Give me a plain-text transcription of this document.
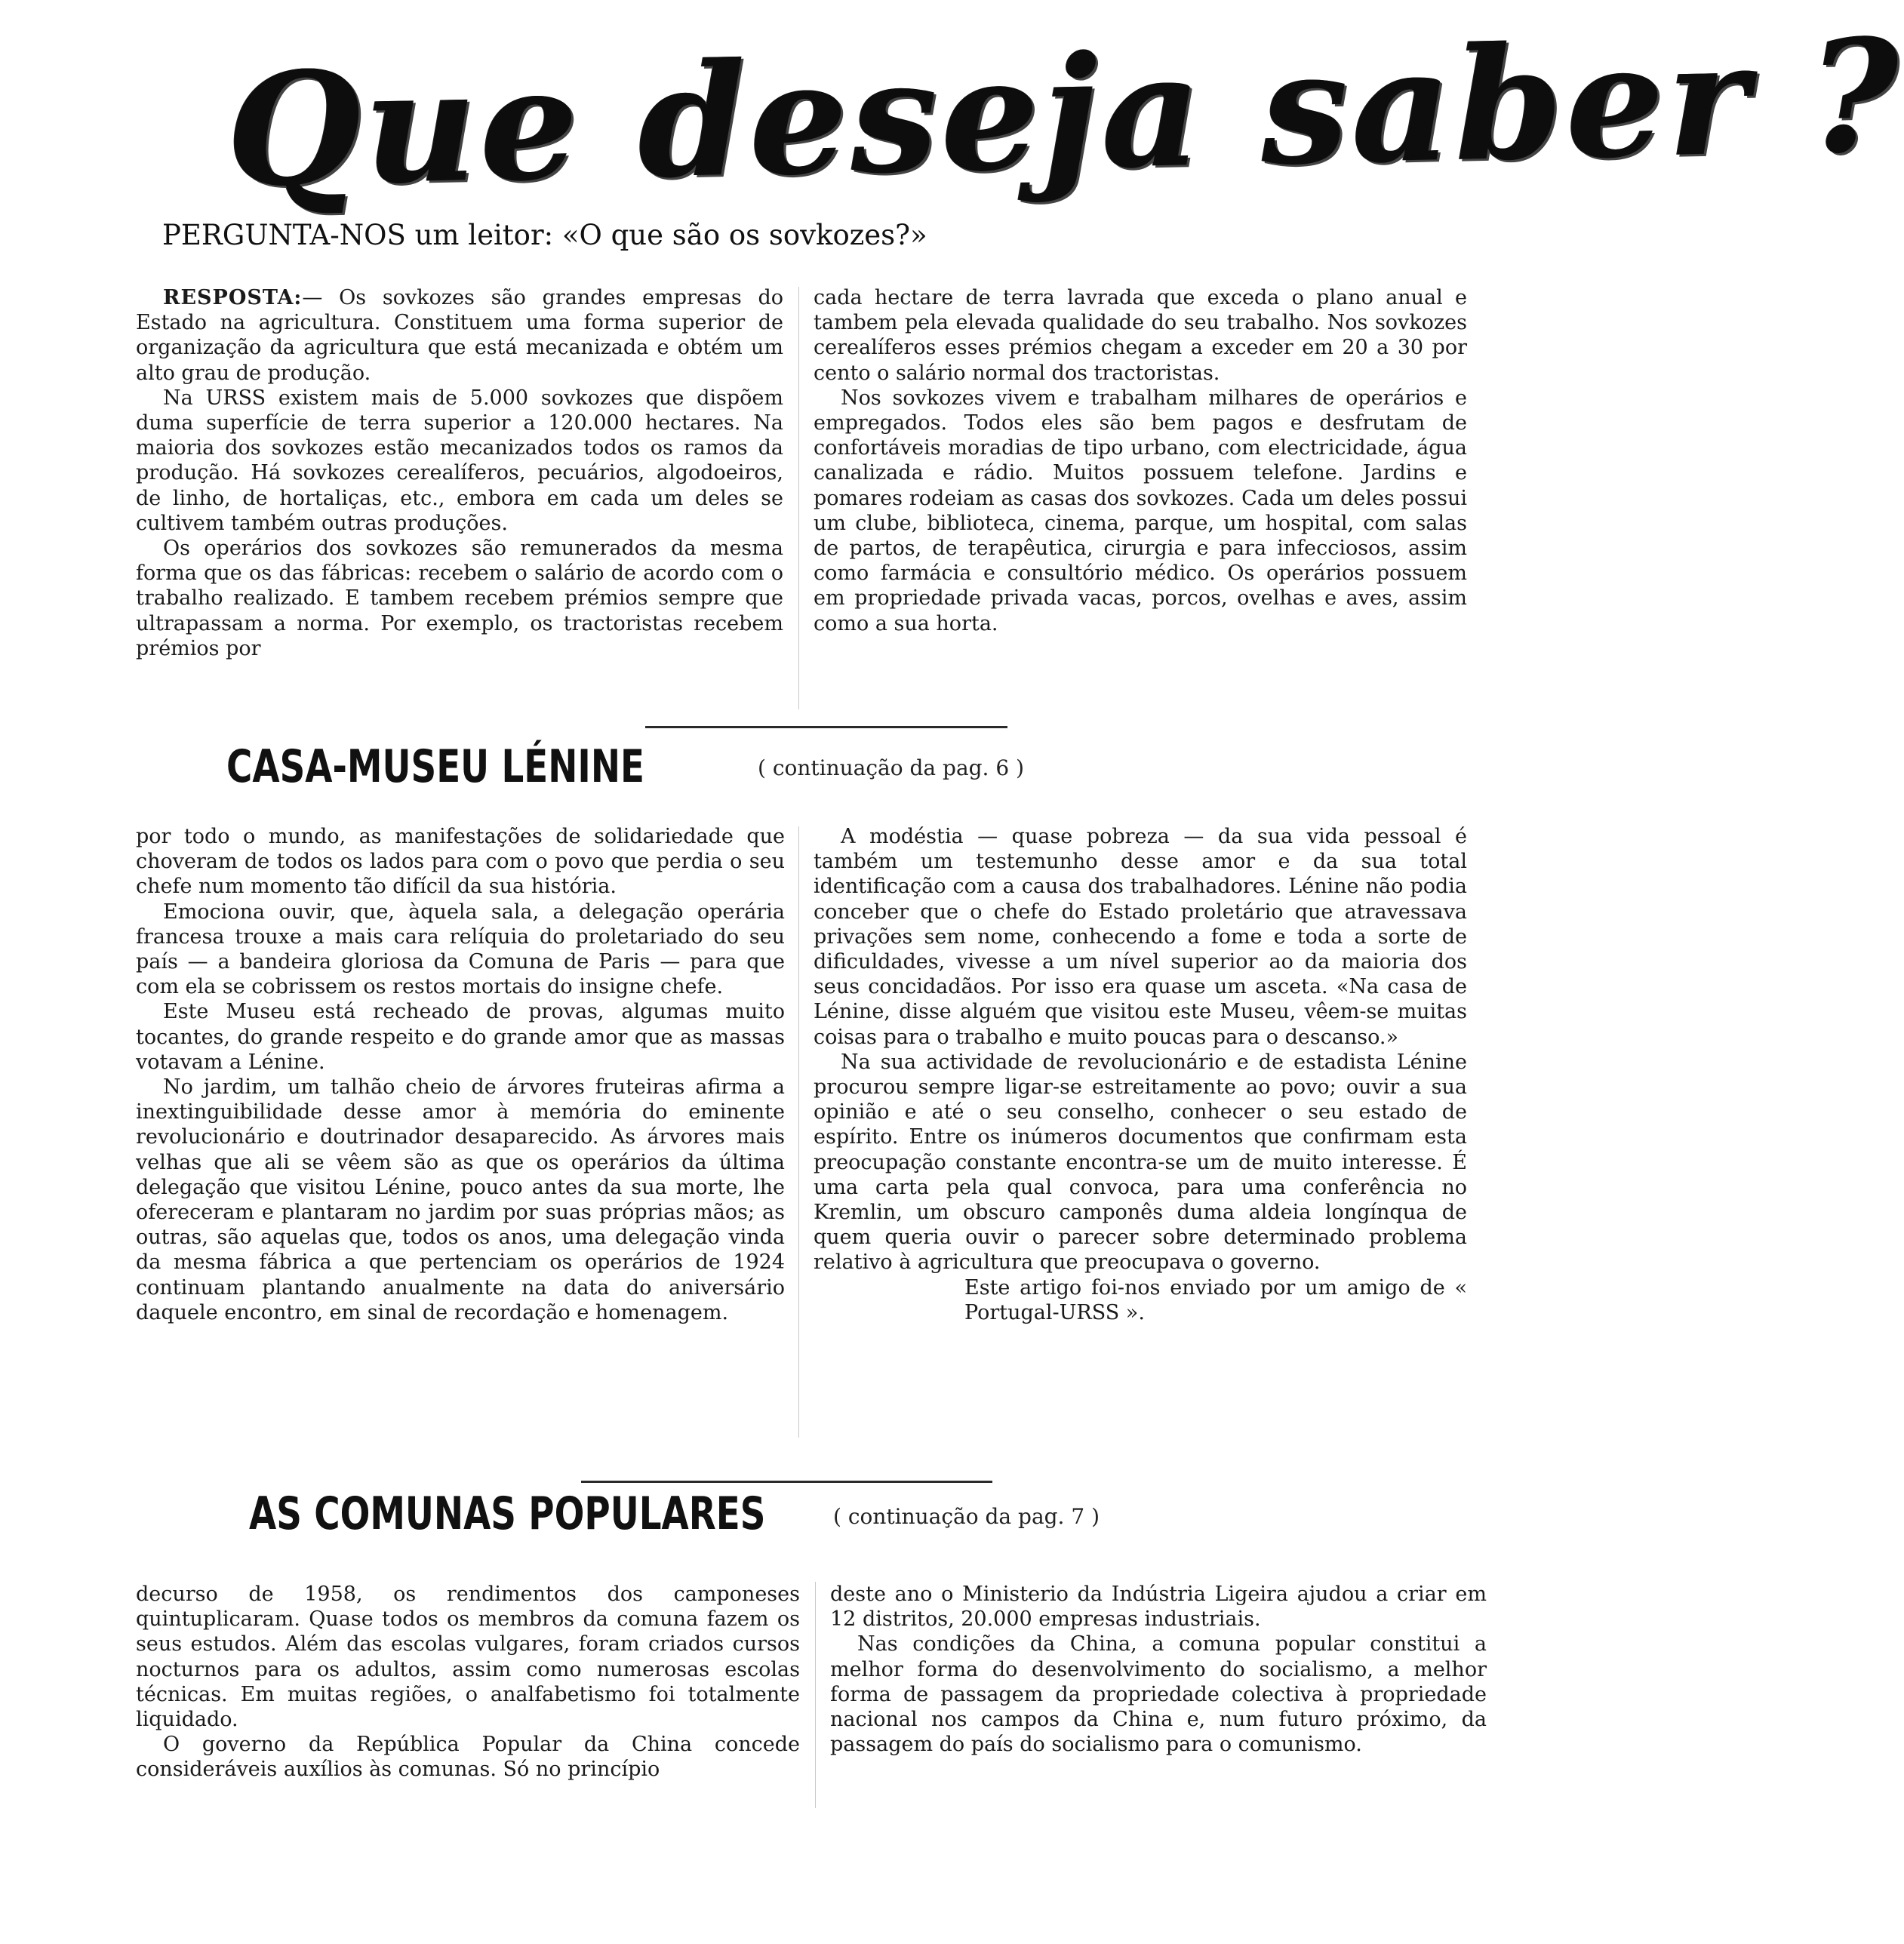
Que deseja saber ?
PERGUNTA-NOS um leitor: «O que são os sovkozes?»

RESPOSTA:— Os sovkozes são grandes empresas do Estado na agricultura. Constituem uma forma superior de organização da agricultura que está mecanizada e obtém um alto grau de produção.

Na URSS existem mais de 5.000 sovkozes que dispõem duma superfície de terra superior a 120.000 hectares. Na maioria dos sovkozes estão mecanizados todos os ramos da produção. Há sovkozes cerealíferos, pecuários, algodoeiros, de linho, de hortaliças, etc., embora em cada um deles se cultivem também outras produções.

Os operários dos sovkozes são remunerados da mesma forma que os das fábricas: recebem o salário de acordo com o trabalho realizado. E tambem recebem prémios sempre que ultrapassam a norma. Por exemplo, os tractoristas recebem prémios por

cada hectare de terra lavrada que exceda o plano anual e tambem pela elevada qualidade do seu trabalho. Nos sovkozes cerealíferos esses prémios chegam a exceder em 20 a 30 por cento o salário normal dos tractoristas.

Nos sovkozes vivem e trabalham milhares de operários e empregados. Todos eles são bem pagos e desfrutam de confortáveis moradias de tipo urbano, com electricidade, água canalizada e rádio. Muitos possuem telefone. Jardins e pomares rodeiam as casas dos sovkozes. Cada um deles possui um clube, biblioteca, cinema, parque, um hospital, com salas de partos, de terapêutica, cirurgia e para infecciosos, assim como farmácia e consultório médico. Os operários possuem em propriedade privada vacas, porcos, ovelhas e aves, assim como a sua horta.

CASA-MUSEU LÉNINE	( continuação da pag. 6 )

por todo o mundo, as manifestações de solidariedade que choveram de todos os lados para com o povo que perdia o seu chefe num momento tão difícil da sua história.

Emociona ouvir, que, àquela sala, a delegação operária francesa trouxe a mais cara relíquia do proletariado do seu país — a bandeira gloriosa da Comuna de Paris — para que com ela se cobrissem os restos mortais do insigne chefe.

Este Museu está recheado de provas, algumas muito tocantes, do grande respeito e do grande amor que as massas votavam a Lénine.

No jardim, um talhão cheio de árvores fruteiras afirma a inextinguibilidade desse amor à memória do eminente revolucionário e doutrinador desaparecido. As árvores mais velhas que ali se vêem são as que os operários da última delegação que visitou Lénine, pouco antes da sua morte, lhe ofereceram e plantaram no jardim por suas próprias mãos; as outras, são aquelas que, todos os anos, uma delegação vinda da mesma fábrica a que pertenciam os operários de 1924 continuam plantando anualmente na data do aniversário daquele encontro, em sinal de recordação e homenagem.

A modéstia — quase pobreza — da sua vida pessoal é também um testemunho desse amor e da sua total identificação com a causa dos trabalhadores. Lénine não podia conceber que o chefe do Estado proletário que atravessava privações sem nome, conhecendo a fome e toda a sorte de dificuldades, vivesse a um nível superior ao da maioria dos seus concidadãos. Por isso era quase um asceta. «Na casa de Lénine, disse alguém que visitou este Museu, vêem-se muitas coisas para o trabalho e muito poucas para o descanso.»

Na sua actividade de revolucionário e de estadista Lénine procurou sempre ligar-se estreitamente ao povo; ouvir a sua opinião e até o seu conselho, conhecer o seu estado de espírito. Entre os inúmeros documentos que confirmam esta preocupação constante encontra-se um de muito interesse. É uma carta pela qual convoca, para uma conferência no Kremlin, um obscuro camponês duma aldeia longínqua de quem queria ouvir o parecer sobre determinado problema relativo à agricultura que preocupava o governo.

Este artigo foi-nos enviado por um amigo de « Portugal-URSS ».

AS COMUNAS POPULARES	( continuação da pag. 7 )

decurso de 1958, os rendimentos dos camponeses quintuplicaram. Quase todos os membros da comuna fazem os seus estudos. Além das escolas vulgares, foram criados cursos nocturnos para os adultos, assim como numerosas escolas técnicas. Em muitas regiões, o analfabetismo foi totalmente liquidado.

O governo da República Popular da China concede consideráveis auxílios às comunas. Só no princípio

deste ano o Ministerio da Indústria Ligeira ajudou a criar em 12 distritos, 20.000 empresas industriais.

Nas condições da China, a comuna popular constitui a melhor forma do desenvolvimento do socialismo, a melhor forma de passagem da propriedade colectiva à propriedade nacional nos campos da China e, num futuro próximo, da passagem do país do socialismo para o comunismo.
